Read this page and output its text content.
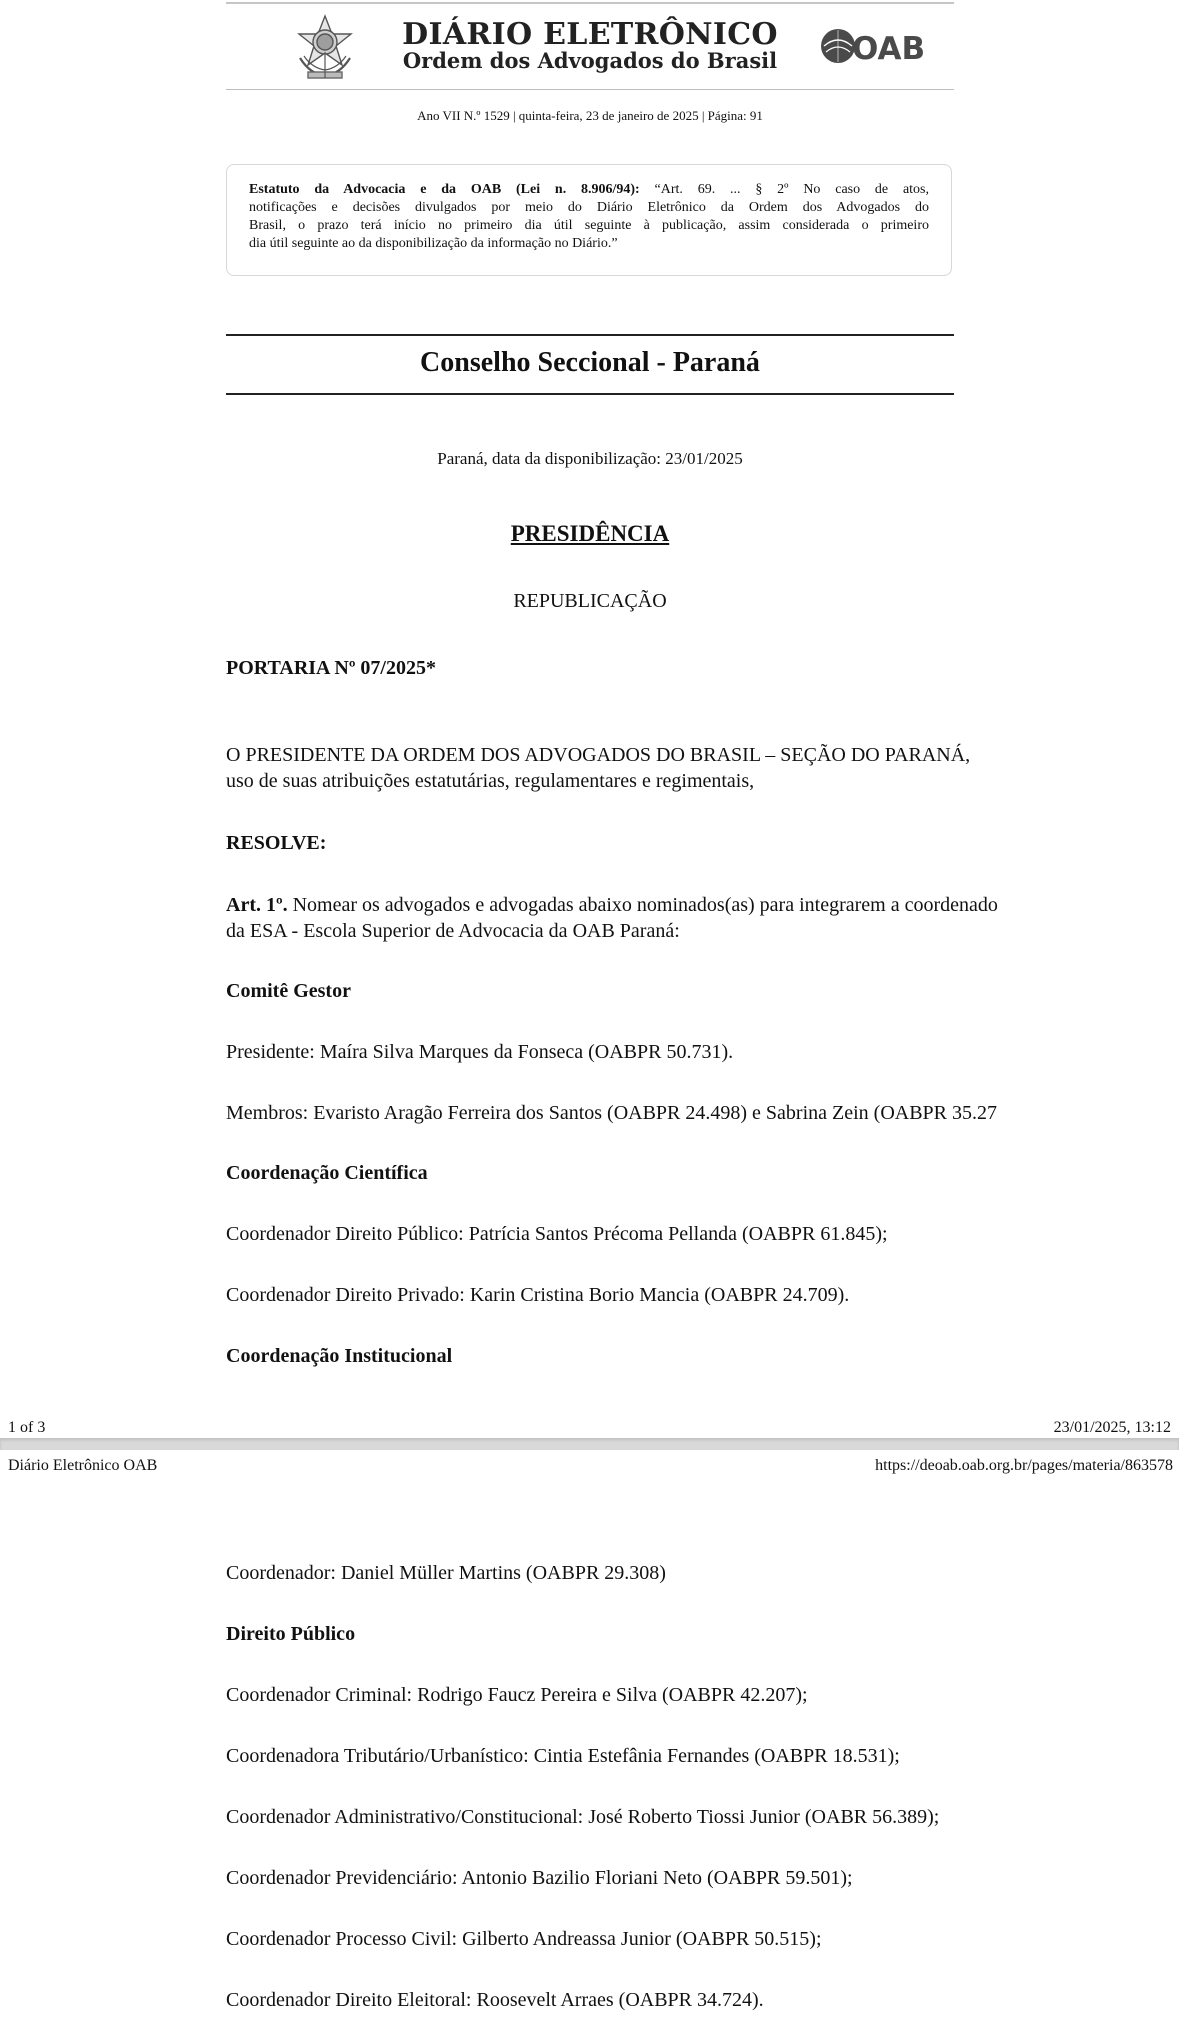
DIÁRIO ELETRÔNICO
Ordem dos Advogados do Brasil	OAB
Ano VII N.º 1529 | quinta-feira, 23 de janeiro de 2025 | Página: 91
Estatuto da Advocacia e da OAB (Lei n. 8.906/94): “Art. 69. ... § 2º No caso de atos,
notificações e decisões divulgados por meio do Diário Eletrônico da Ordem dos Advogados do
Brasil, o prazo terá início no primeiro dia útil seguinte à publicação, assim considerada o primeiro
dia útil seguinte ao da disponibilização da informação no Diário.”
Conselho Seccional - Paraná
Paraná, data da disponibilização: 23/01/2025
PRESIDÊNCIA
REPUBLICAÇÃO
PORTARIA Nº 07/2025*
O PRESIDENTE DA ORDEM DOS ADVOGADOS DO BRASIL – SEÇÃO DO PARANÁ,
uso de suas atribuições estatutárias, regulamentares e regimentais,
RESOLVE:
Art. 1º. Nomear os advogados e advogadas abaixo nominados(as) para integrarem a coordenado
da ESA - Escola Superior de Advocacia da OAB Paraná:
Comitê Gestor
Presidente: Maíra Silva Marques da Fonseca (OABPR 50.731).
Membros: Evaristo Aragão Ferreira dos Santos (OABPR 24.498) e Sabrina Zein (OABPR 35.27
Coordenação Científica
Coordenador Direito Público: Patrícia Santos Précoma Pellanda (OABPR 61.845);
Coordenador Direito Privado: Karin Cristina Borio Mancia (OABPR 24.709).
Coordenação Institucional
1 of 3	23/01/2025, 13:12
Diário Eletrônico OAB	https://deoab.oab.org.br/pages/materia/863578
Coordenador: Daniel Müller Martins (OABPR 29.308)
Direito Público
Coordenador Criminal: Rodrigo Faucz Pereira e Silva (OABPR 42.207);
Coordenadora Tributário/Urbanístico: Cintia Estefânia Fernandes (OABPR 18.531);
Coordenador Administrativo/Constitucional: José Roberto Tiossi Junior (OABR 56.389);
Coordenador Previdenciário: Antonio Bazilio Floriani Neto (OABPR 59.501);
Coordenador Processo Civil: Gilberto Andreassa Junior (OABPR 50.515);
Coordenador Direito Eleitoral: Roosevelt Arraes (OABPR 34.724).
